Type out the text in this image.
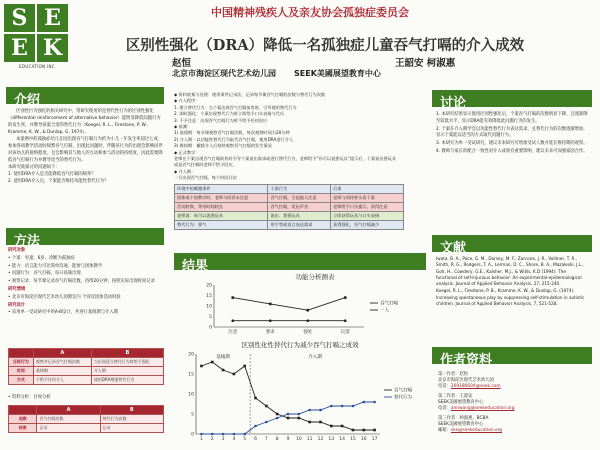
S E
E K
EDUCATION INC
中国精神残疾人及亲友协会孤独症委员会
区别性强化（DRA）降低一名孤独症儿童吞气打嗝的介入成效
赵恒	王韶安 柯淑惠
北京市海淀区现代艺术幼儿园 SEEK美國展望教育中心
介绍

区别性行为强化的相关研究中，常研究使用的是替代性行为的区别性强化（differential reinforcement of alternative behavior）能明显降低问题行为的发生率，并教导孩童合适的替代行为（Koegel, R. L., Firestone, P. W., Kramme, K. W., & Dunlap, G. 1974）。

本案例中的孤独症幼儿在园出现吞气打嗝行为约为小儿一年发生率超过七成，参加各项教学活动时频繁吞气打嗝，出现此问题时，伴随该行为的出现会影响同伴对该幼儿的接纳程度，且会影响其与他人的互动和参与活动的持续度，因此需要降低吞气打嗝行为并教导适当的替代行为。

本研究欲探讨的问题如下：
1. 使用DRA介入是否能降低吞气打嗝的频率？
2. 使用DRA介入后，个案能否维持功能性替代行为？
方法
研究对象
• 个案：男童，6岁，诊断为孤独症
• 能力：语言能力可达简单沟通，能参与团体教学
• 问题行为：吞气打嗝，每日高频出现
• 观察记录：每节课记录吞气打嗝次数，持续20分钟，按照实际出现时间记录
研究情境
• 北京市海淀区现代艺术幼儿园教室内 个别及团体活动时段
研究设计
• 采用单一受试研究中的A-B设计，共进行基线期与介入期
	A	B
目标行为	观察并记录吞气打嗝次数	当出现适当替代行为时给予强化
时间	基线期	介入期
方式	不给予任何介入	使用DRA增强替代行为
• 资料分析：目视分析
	A	B
观察	吞气打嗝次数	替代行为次数
结果	记录	记录
◆ 资料收集与处理：使用事件记录法，记录每节课吞气打嗝的次数与替代行为次数
◆ 介入程序：
1. 建立替代行为：当个案出现吞气打嗝前兆时，引导使用替代行为
2. 即时强化：个案出现替代行为时立即给予口头表扬与代币
3. 不予注意：出现吞气打嗝行为时不给予任何回应
◆ 前测：
1) 基线期：每节课观察吞气打嗝次数，每次观察时间为20分钟
2) 介入期：以功能性替代行为取代吞气打嗝，使用DRA进行介入
3) 维持期：撤除介入后持续观察吞气打嗝的发生情况
◆ 正式教学：
老师在个案出现吞气打嗝前兆时引导个案说出需求或进行替代行为，老师给予“你可以说要玩具”提示后，个案说出要玩具
或是吞气打嗝时老师不给予回应。
◆ 介入期：
一旦出现吞气打嗝，每个时段计次
环境中的刺激事件	个案行为	后果
团体或个别教学时，老师与同伴未注意	吞气打嗝，引起他人注意	老师与同伴转头看个案
活动转换，等待时间较长	吞气打嗝，发出声音	老师给予口头提示，获得注意
老师说：你可以说要玩具	说出：我要玩具	立即获得玩具与口头表扬
替代行为：要气	用手势或语言表达需求	获得强化，吞气打嗝减少
结果
功能分析测表
0
5
10
15
20
注意	要求	独处	玩耍
吞气打嗝
一人
区别性化性替代行为减少吞气打嗝之成效
0
5
10
15
20
1 2 3 4 5 6 7 8 9 10 11 12 13 14 15 16 17
基线期	介入期
吞气打嗝
替代行为
讨论
1. 本研究结果显示使用区别性强化后，个案吞气打嗝的次数明显下降，且逐渐降至较低水平，显示DRA能有效降低此问题行为的发生。
2. 个案在介入期学会以功能性替代行为表达需求，且替代行为的次数逐渐增加，显示个案能以适当的方式取代问题行为。
3. 本研究为单一受试研究，建议未来研究可增加受试人数并延长维持期的观察。
4. 教师与家长的配合一致性对介入成效有重要影响，建议未来可加强家园合作。
文献
Iwata, B. A., Pace, G. M., Dorsey, M. F., Zarcone, J. R., Vollmer, T. R., Smith, R. G., Rodgers, T. A., Lerman, D. C., Shore, B. A., Mazaleski, J.L., Goh, H., Cowdery, G.E., Kalsher, M.J., & Willis, K.D (1994). The functional of self-injurious behavior: An experimental-epidemiological analysis. Journal of Applied Behavior Analysis, 27, 215-240.
Koegel, R. L., Firestone, P. B., Kramme, K. W., & Dunlap, G. (1974). Increasing spontaneous play by suppressing self-stimulation in autistic children. Journal of Applied Behavior Analysis, 7, 521-528.
作者资料
第一作者：赵恒
北京市海淀区现代艺术幼儿园
电话：26918660A@seek.com
第二作者：王韶安
SEEK美國展望教育中心
电话：annwang@seekeducation.org
第三作者：柯淑惠，BCBA
SEEK美國展望教育中心
邮箱：ske@seekeducation.org
